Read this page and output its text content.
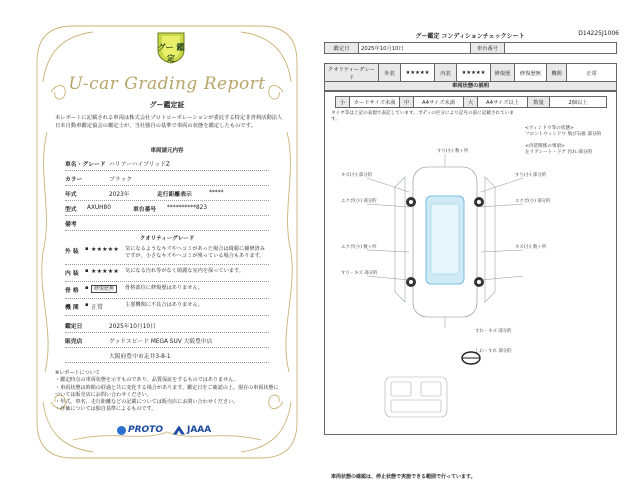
グー 鑑定
U-car Grading Report
グー鑑定証
本レポートに記載される車両は株式会社プロトコーポレーションが委託する特定非営利活動法人日本自動車鑑定協会の鑑定士が、当社独自の基準で車両の状態を鑑定したものです。
車両請元内容
車名・グレード ハリアーハイブリッドZ
カラー	ブラック
年式	2023年	走行距離表示	*****
型式	AXUH80	車台番号	**********823
備考
クオリティーグレード
外 装	▪ ★★★★★	気になるようなキズやヘコミがあった場合は綺麗に補修済みですが、小さなキズやヘコミが残っている場合もあります。
内 装	▪ ★★★★★	気になる汚れ等がなく綺麗な室内を保っています。
骨 格	▪	修復歴無	骨格部位に修復歴はありません。
機 関	▪ 正常	主要機関に不具合はありません。
鑑定日	2025年10月10日
販売店	グッドスピード MEGA SUV 大阪豊中店
大阪府豊中市走井3-8-1
※レポートについて
・鑑定時点の車両状態を示すものであり、品質保証をするものではありません。
・車両状態は時間の経過と共に変化する場合があります。鑑定日をご確認の上、現在の車両状態については販売店にお問い合わせください。
・年式、車名、走行距離などの記載については販売店にお問い合わせください。
・評価については独自基準によるものです。
PROTO	JAAA
グー鑑定 コンディションチェックシート	D14225J1006
鑑定日	2025年10月10日	車台番号	
クオリティーグレード	外装	★★★★★	内装	★★★★★	修復歴	修復歴無	機関	正常
車両状態の説明
小	カードサイズ未満	中	A4サイズ未満	大	A4サイズ以上	数量	2個以上
タイヤ等は上記の表現で表記しています。ボディの区分により記号の前に記載されています。
<ウィンドウ等の状態>
フロントウィンドウ 飛び石痕 部分的
<内装関係の事項>
左リアシート・ドア 汚れ 部分的
すり(小) 数ヶ所
キズ(小) 部分的	すり(小) 部分的
エクボ(小) 部分的	エクボ(小) 部分的
エクボ(小) 数ヶ所	キズ(小) 数ヶ所
すり・キズ 部分的
すれ・キズ 部分的
しわ・すれ 部分的
車両状態の確認は、停止状態で実施できる範囲で行っています。
